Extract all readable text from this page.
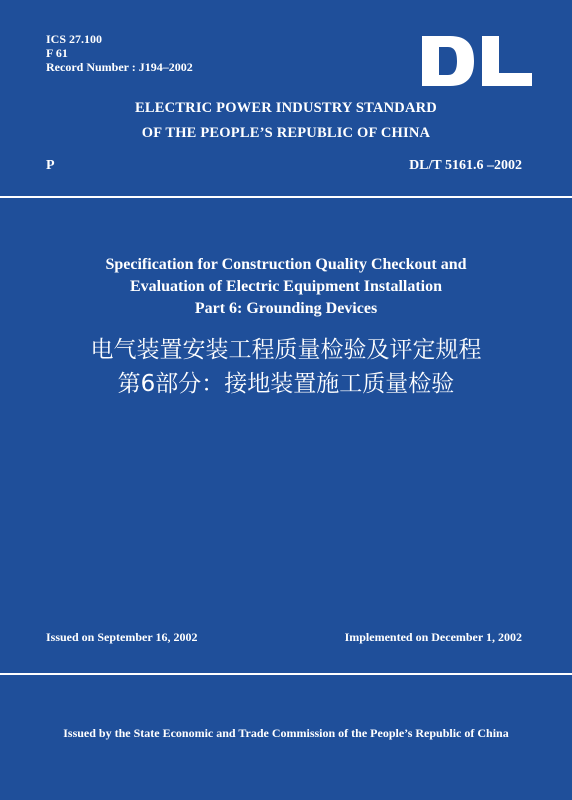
ICS 27.100
F 61
Record Number : J194–2002
ELECTRIC POWER INDUSTRY STANDARD
OF THE PEOPLE’S REPUBLIC OF CHINA
P	DL/T 5161.6 –2002
Specification for Construction Quality Checkout and
Evaluation of Electric Equipment Installation
Part 6: Grounding Devices
电气装置安装工程质量检验及评定规程
第6部分：接地装置施工质量检验
Issued on September 16, 2002	Implemented on December 1, 2002
Issued by the State Economic and Trade Commission of the People’s Republic of China
